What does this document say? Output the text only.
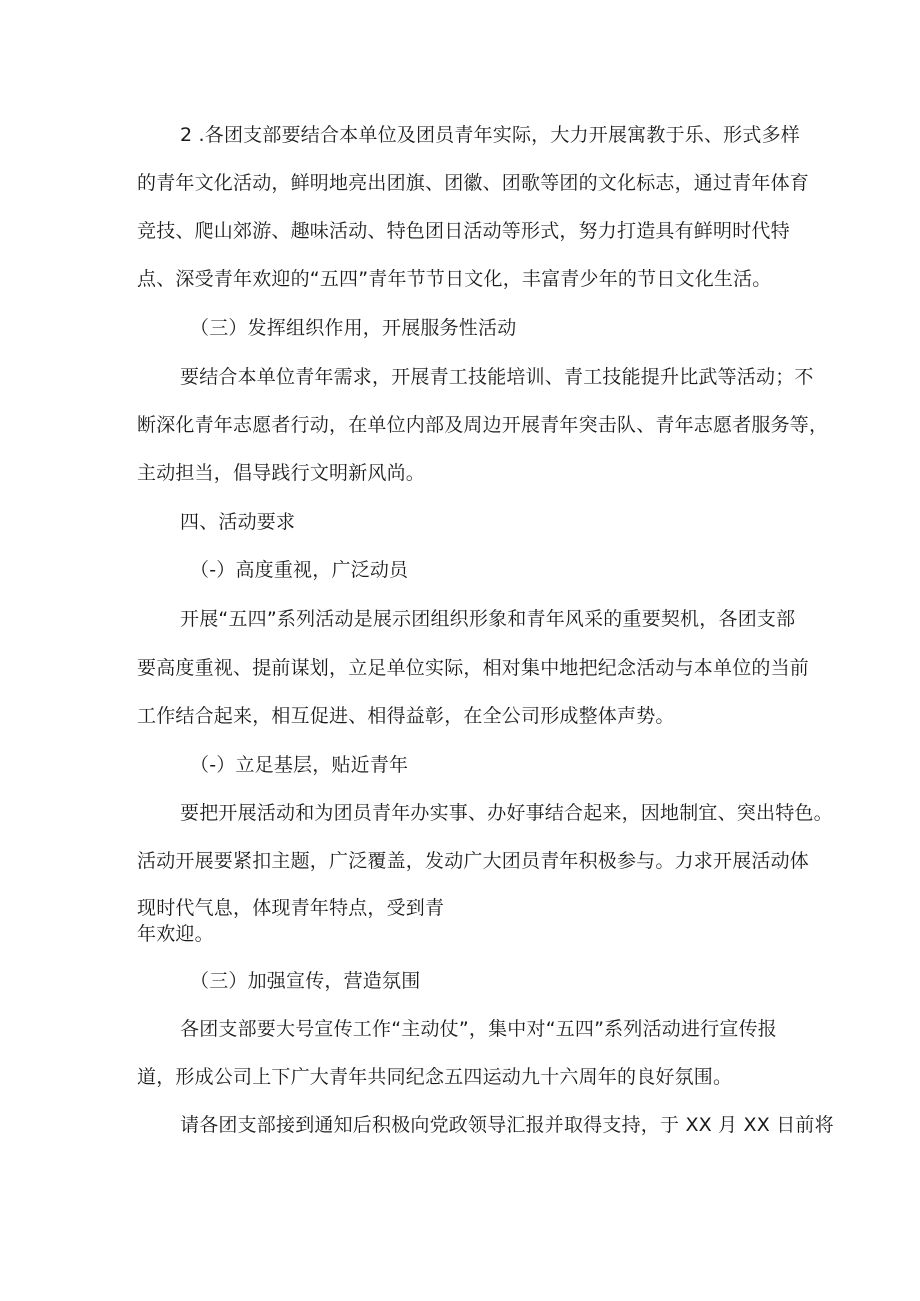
2 .各团支部要结合本单位及团员青年实际，大力开展寓教于乐、形式多样
的青年文化活动，鲜明地亮出团旗、团徽、团歌等团的文化标志，通过青年体育
竞技、爬山郊游、趣味活动、特色团日活动等形式，努力打造具有鲜明时代特
点、深受青年欢迎的“五四”青年节节日文化，丰富青少年的节日文化生活。
（三）发挥组织作用，开展服务性活动
要结合本单位青年需求，开展青工技能培训、青工技能提升比武等活动；不
断深化青年志愿者行动，在单位内部及周边开展青年突击队、青年志愿者服务等，
主动担当，倡导践行文明新风尚。
四、活动要求
（-）高度重视，广泛动员
开展“五四”系列活动是展示团组织形象和青年风采的重要契机，各团支部
要高度重视、提前谋划，立足单位实际，相对集中地把纪念活动与本单位的当前
工作结合起来，相互促进、相得益彰，在全公司形成整体声势。
（-）立足基层，贴近青年
要把开展活动和为团员青年办实事、办好事结合起来，因地制宜、突出特色。
活动开展要紧扣主题，广泛覆盖，发动广大团员青年积极参与。力求开展活动体
现时代气息，体现青年特点，受到青
年欢迎。
（三）加强宣传，营造氛围
各团支部要大号宣传工作“主动仗”，集中对“五四”系列活动进行宣传报
道，形成公司上下广大青年共同纪念五四运动九十六周年的良好氛围。
请各团支部接到通知后积极向党政领导汇报并取得支持，于 XX 月 XX 日前将
